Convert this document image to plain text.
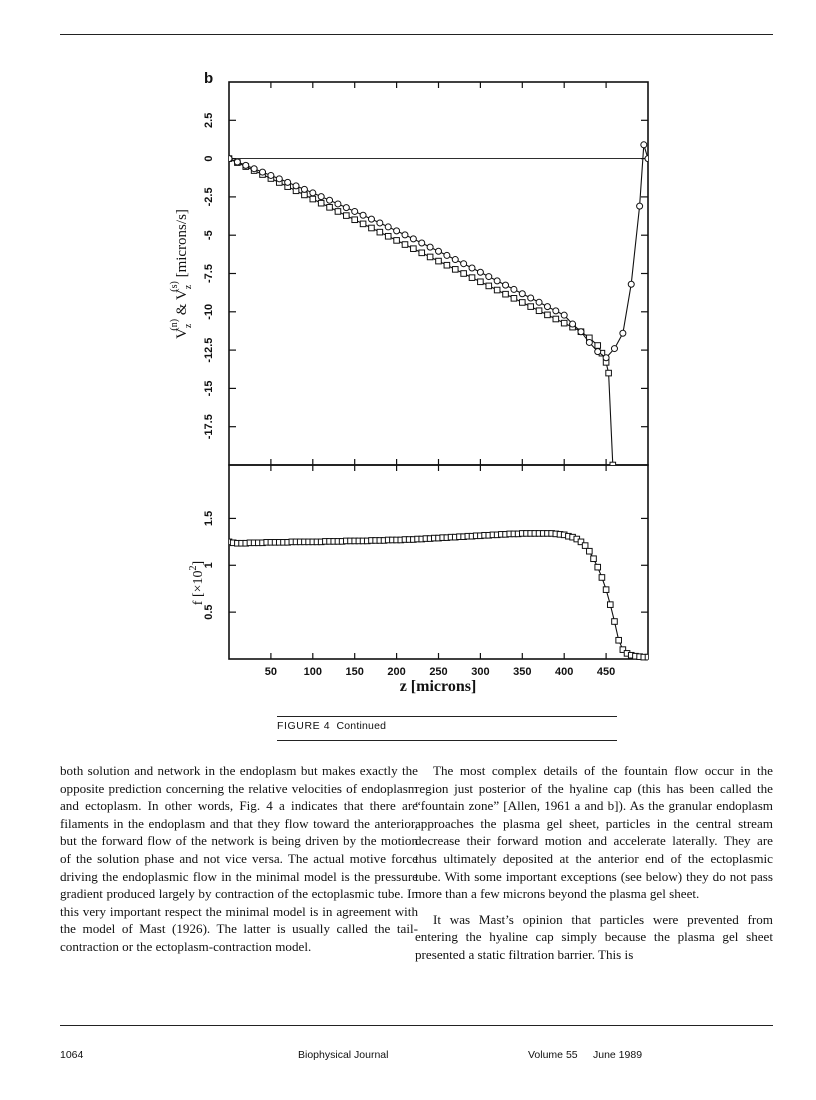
50 100 150 200 250 300 350 400 450
2.5
0
-2.5
-5
-7.5
-10
-12.5
-15
-17.5
1.5
1
0.5
$V_z(n)$ & $V_z(s)$ [microns/s]
f $[\times 10^2]$
z [microns]
b
FIGURE 4 Continued

both solution and network in the endoplasm but makes exactly the opposite prediction concerning the relative velocities of endoplasm and ectoplasm. In other words, Fig. 4 a indicates that there are filaments in the endoplasm and that they flow toward the anterior, but the forward flow of the network is being driven by the motion of the solution phase and not vice versa. The actual motive force driving the endoplasmic flow in the minimal model is the pressure gradient produced largely by contraction of the ectoplasmic tube. In this very important respect the minimal model is in agreement with the model of Mast (1926). The latter is usually called the tail-contraction or the ectoplasm-contraction model.

The most complex details of the fountain flow occur in the region just posterior of the hyaline cap (this has been called the “fountain zone” [Allen, 1961 a and b]). As the granular endoplasm approaches the plasma gel sheet, particles in the central stream decrease their forward motion and accelerate laterally. They are thus ultimately deposited at the anterior end of the ectoplasmic tube. With some important exceptions (see below) they do not pass more than a few microns beyond the plasma gel sheet.

It was Mast’s opinion that particles were prevented from entering the hyaline cap simply because the plasma gel sheet presented a static filtration barrier. This is

1064	Biophysical Journal	Volume 55 June 1989
